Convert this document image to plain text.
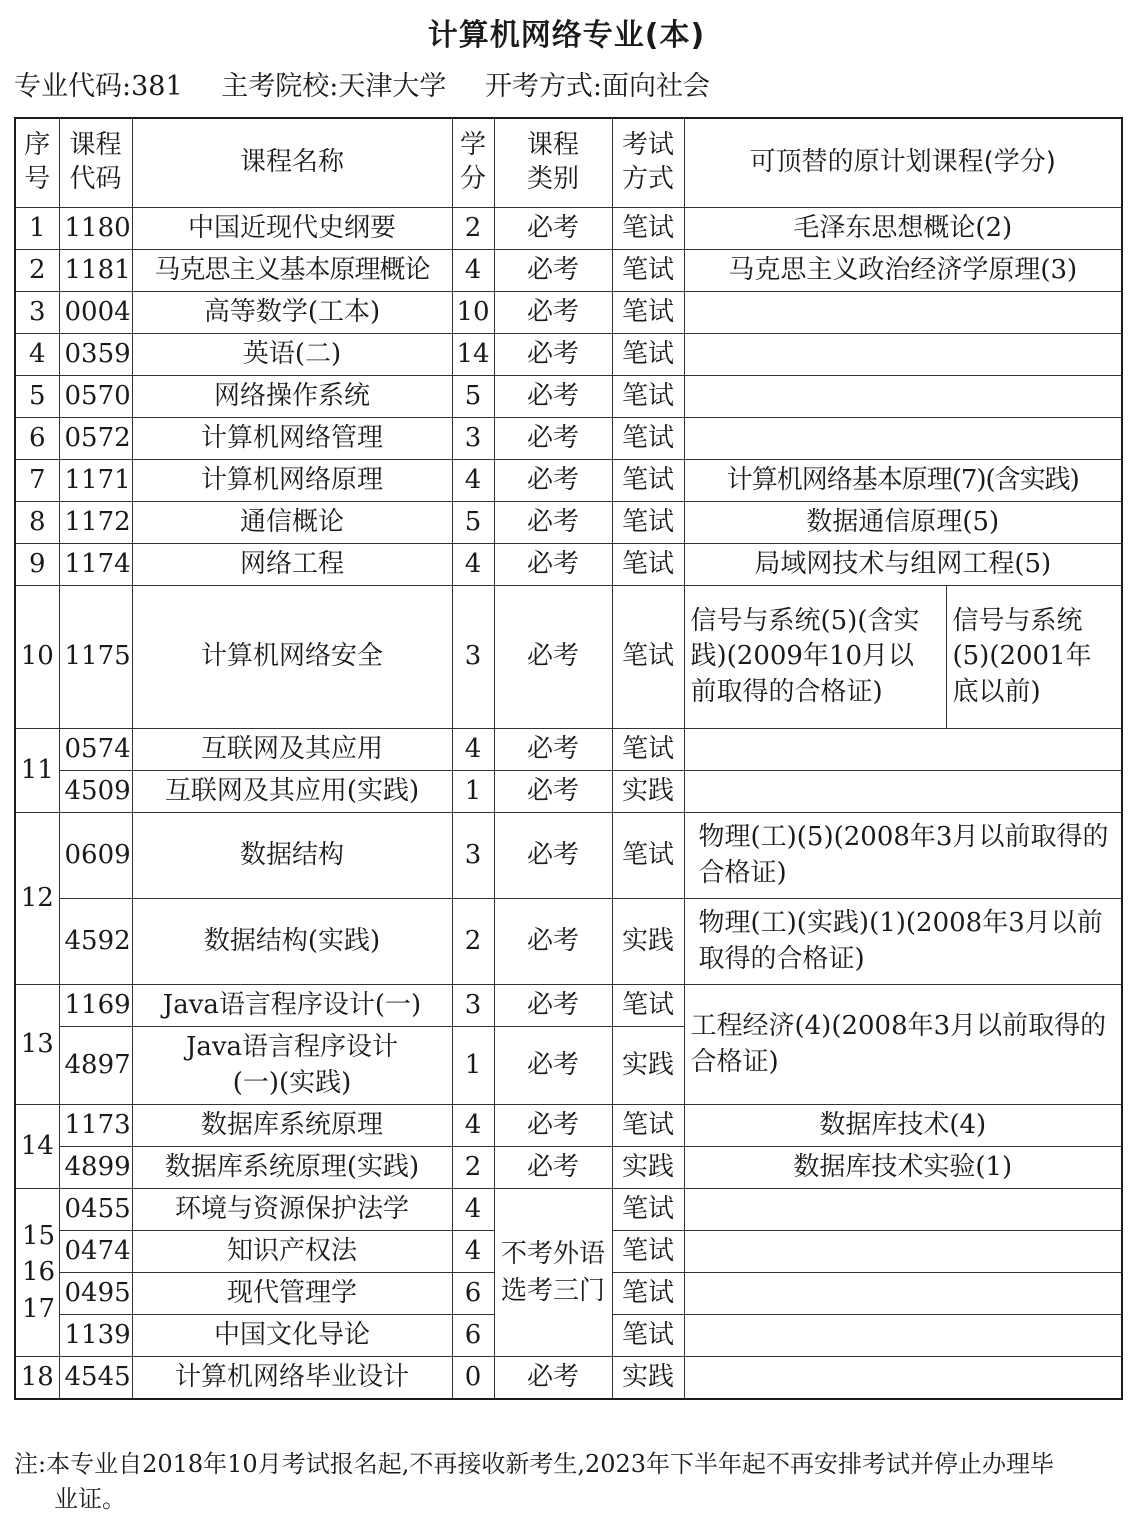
计算机网络专业(本)
专业代码:381 主考院校:天津大学 开考方式:面向社会
序号	课程代码	课程名称	学分	课程类别	考试方式	可顶替的原计划课程(学分)	
1	1180	中国近现代史纲要	2	必考	笔试	毛泽东思想概论(2)	
2	1181	马克思主义基本原理概论	4	必考	笔试	马克思主义政治经济学原理(3)	
3	0004	高等数学(工本)	10	必考	笔试		
4	0359	英语(二)	14	必考	笔试		
5	0570	网络操作系统	5	必考	笔试		
6	0572	计算机网络管理	3	必考	笔试		
7	1171	计算机网络原理	4	必考	笔试	计算机网络基本原理(7)(含实践)	
8	1172	通信概论	5	必考	笔试	数据通信原理(5)	
9	1174	网络工程	4	必考	笔试	局域网技术与组网工程(5)	
10	1175	计算机网络安全	3	必考	笔试	信号与系统(5)(含实践)(2009年10月以前取得的合格证)	信号与系统(5)(2001年底以前)
11	0574	互联网及其应用	4	必考	笔试		
	4509	互联网及其应用(实践)	1	必考	实践		
12	0609	数据结构	3	必考	笔试	物理(工)(5)(2008年3月以前取得的合格证)	
	4592	数据结构(实践)	2	必考	实践	物理(工)(实践)(1)(2008年3月以前取得的合格证)	
13	1169	Java语言程序设计(一)	3	必考	笔试	工程经济(4)(2008年3月以前取得的合格证)	
	4897	Java语言程序设计(一)(实践)	1	必考	实践		
14	1173	数据库系统原理	4	必考	笔试	数据库技术(4)	
	4899	数据库系统原理(实践)	2	必考	实践	数据库技术实验(1)	
15 16 17	0455	环境与资源保护法学	4	不考外语选考三门	笔试		
	0474	知识产权法	4		笔试		
	0495	现代管理学	6		笔试		
	1139	中国文化导论	6		笔试		
18	4545	计算机网络毕业设计	0	必考	实践		
注:本专业自2018年10月考试报名起,不再接收新考生,2023年下半年起不再安排考试并停止办理毕
业证。
